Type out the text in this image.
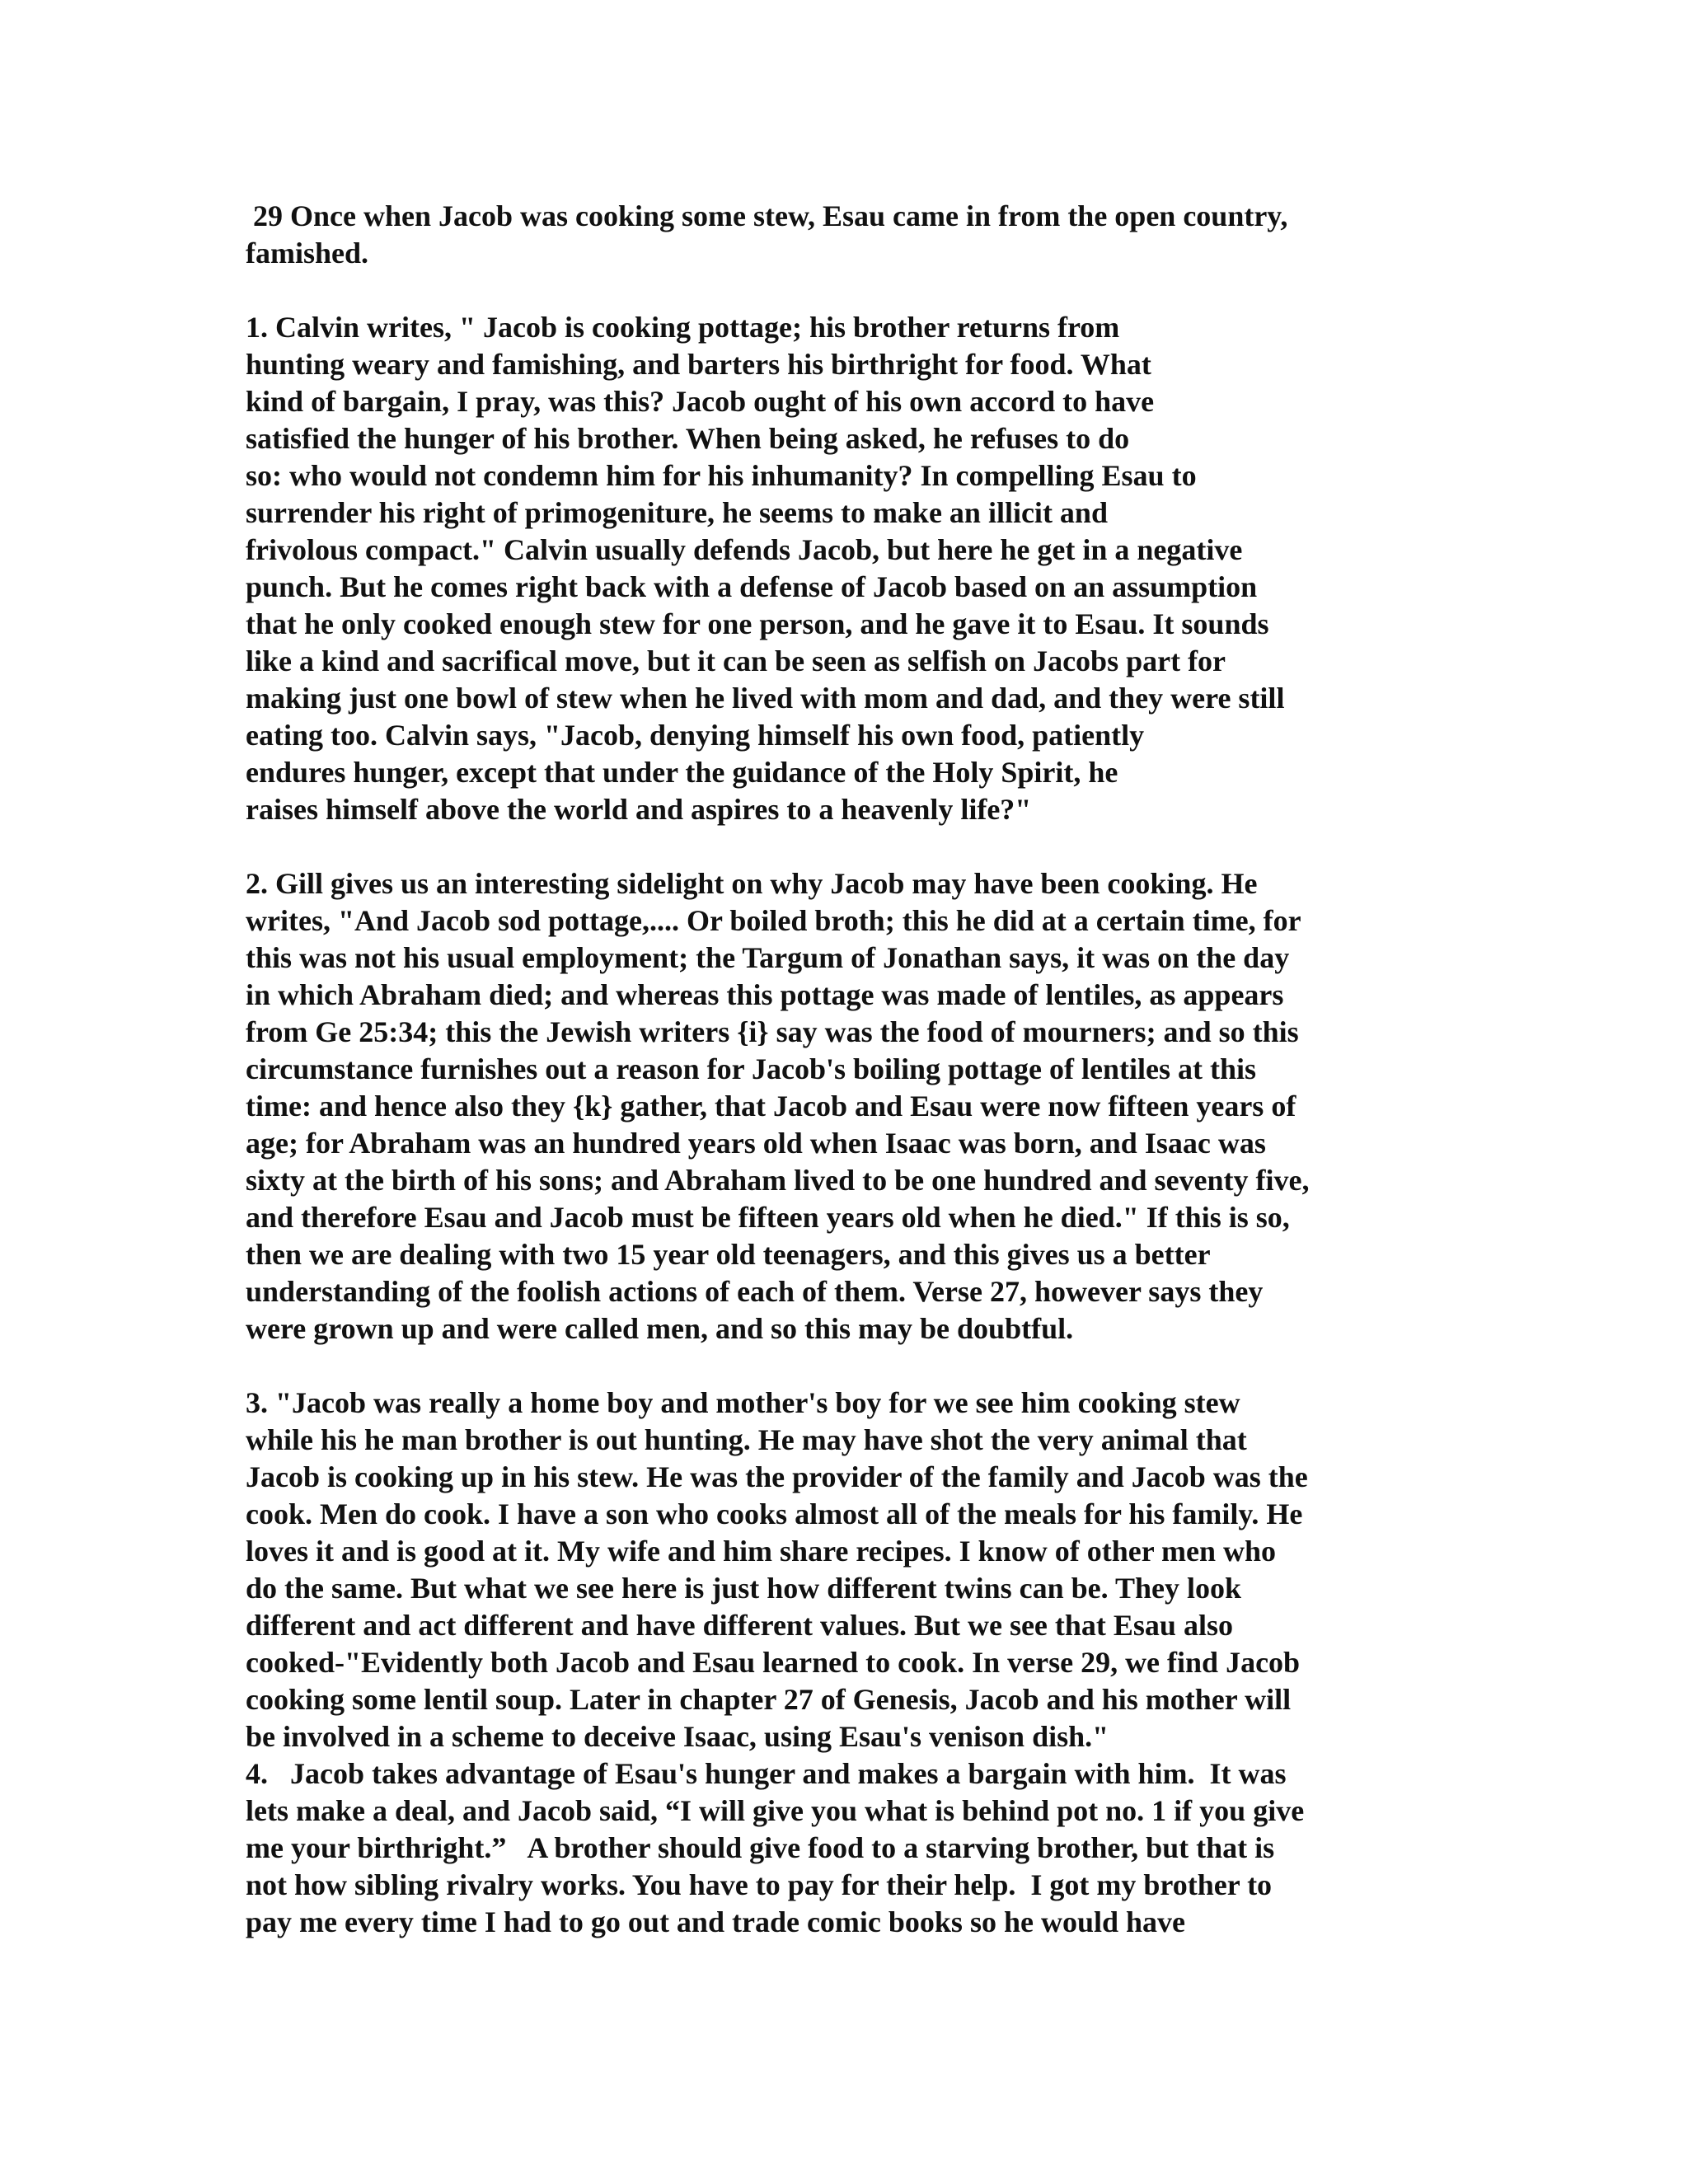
29 Once when Jacob was cooking some stew, Esau came in from the open country,
famished.
1. Calvin writes, " Jacob is cooking pottage; his brother returns from
hunting weary and famishing, and barters his birthright for food. What
kind of bargain, I pray, was this? Jacob ought of his own accord to have
satisfied the hunger of his brother. When being asked, he refuses to do
so: who would not condemn him for his inhumanity? In compelling Esau to
surrender his right of primogeniture, he seems to make an illicit and
frivolous compact." Calvin usually defends Jacob, but here he get in a negative
punch. But he comes right back with a defense of Jacob based on an assumption
that he only cooked enough stew for one person, and he gave it to Esau. It sounds
like a kind and sacrifical move, but it can be seen as selfish on Jacobs part for
making just one bowl of stew when he lived with mom and dad, and they were still
eating too. Calvin says, "Jacob, denying himself his own food, patiently
endures hunger, except that under the guidance of the Holy Spirit, he
raises himself above the world and aspires to a heavenly life?"
2. Gill gives us an interesting sidelight on why Jacob may have been cooking. He
writes, "And Jacob sod pottage,.... Or boiled broth; this he did at a certain time, for
this was not his usual employment; the Targum of Jonathan says, it was on the day
in which Abraham died; and whereas this pottage was made of lentiles, as appears
from Ge 25:34; this the Jewish writers {i} say was the food of mourners; and so this
circumstance furnishes out a reason for Jacob's boiling pottage of lentiles at this
time: and hence also they {k} gather, that Jacob and Esau were now fifteen years of
age; for Abraham was an hundred years old when Isaac was born, and Isaac was
sixty at the birth of his sons; and Abraham lived to be one hundred and seventy five,
and therefore Esau and Jacob must be fifteen years old when he died." If this is so,
then we are dealing with two 15 year old teenagers, and this gives us a better
understanding of the foolish actions of each of them. Verse 27, however says they
were grown up and were called men, and so this may be doubtful.
3. "Jacob was really a home boy and mother's boy for we see him cooking stew
while his he man brother is out hunting. He may have shot the very animal that
Jacob is cooking up in his stew. He was the provider of the family and Jacob was the
cook. Men do cook. I have a son who cooks almost all of the meals for his family. He
loves it and is good at it. My wife and him share recipes. I know of other men who
do the same. But what we see here is just how different twins can be. They look
different and act different and have different values. But we see that Esau also
cooked-"Evidently both Jacob and Esau learned to cook. In verse 29, we find Jacob
cooking some lentil soup. Later in chapter 27 of Genesis, Jacob and his mother will
be involved in a scheme to deceive Isaac, using Esau's venison dish."
4.   Jacob takes advantage of Esau's hunger and makes a bargain with him.  It was
lets make a deal, and Jacob said, “I will give you what is behind pot no. 1 if you give
me your birthright.”   A brother should give food to a starving brother, but that is
not how sibling rivalry works. You have to pay for their help.  I got my brother to
pay me every time I had to go out and trade comic books so he would have
